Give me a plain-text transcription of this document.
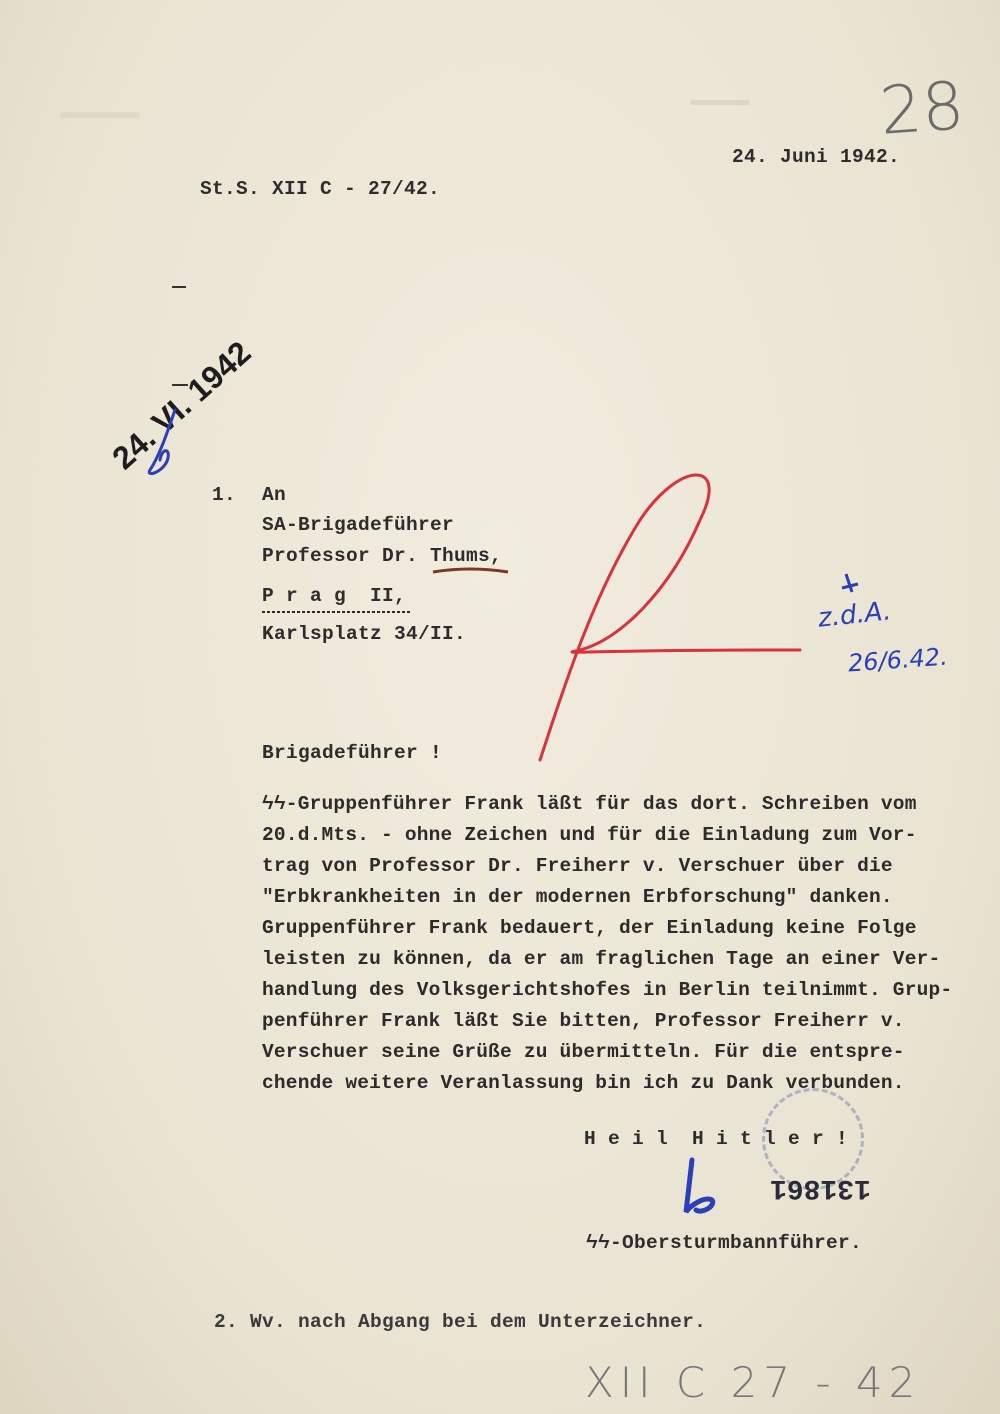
28
24. Juni 1942.
St.S. XII C - 27/42.
24. VI. 1942
1. An
SA-Brigadeführer
Professor Dr. Thums,
P r a g  II,
Karlsplatz 34/II.
z.d.A.
26/6.42.
Brigadeführer !
ϟϟ-Gruppenführer Frank läßt für das dort. Schreiben vom
20.d.Mts. - ohne Zeichen und für die Einladung zum Vor-
trag von Professor Dr. Freiherr v. Verschuer über die
"Erbkrankheiten in der modernen Erbforschung" danken.
Gruppenführer Frank bedauert, der Einladung keine Folge
leisten zu können, da er am fraglichen Tage an einer Ver-
handlung des Volksgerichtshofes in Berlin teilnimmt. Grup-
penführer Frank läßt Sie bitten, Professor Freiherr v.
Verschuer seine Grüße zu übermitteln. Für die entspre-
chende weitere Veranlassung bin ich zu Dank verbunden.
H e i l  H i t l e r !
131861
ϟϟ-Obersturmbannführer.
2. Wv. nach Abgang bei dem Unterzeichner.
XII C 27 - 42
